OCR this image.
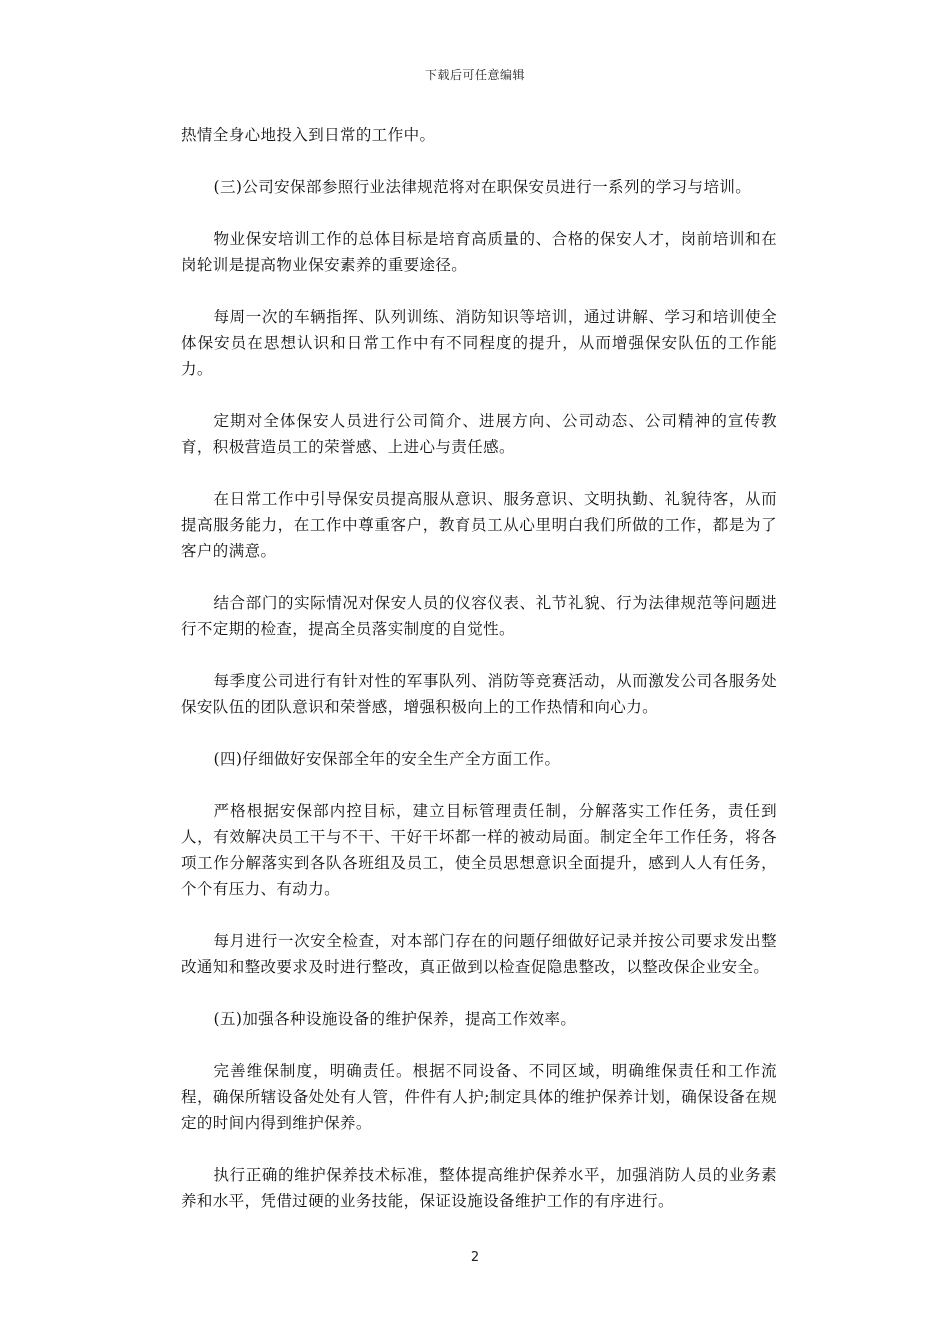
下载后可任意编辑

热情全身心地投入到日常的工作中。

(三)公司安保部参照行业法律规范将对在职保安员进行一系列的学习与培训。

物业保安培训工作的总体目标是培育高质量的、合格的保安人才，岗前培训和在岗轮训是提高物业保安素养的重要途径。

每周一次的车辆指挥、队列训练、消防知识等培训，通过讲解、学习和培训使全体保安员在思想认识和日常工作中有不同程度的提升，从而增强保安队伍的工作能力。

定期对全体保安人员进行公司简介、进展方向、公司动态、公司精神的宣传教育，积极营造员工的荣誉感、上进心与责任感。

在日常工作中引导保安员提高服从意识、服务意识、文明执勤、礼貌待客，从而提高服务能力，在工作中尊重客户，教育员工从心里明白我们所做的工作，都是为了客户的满意。

结合部门的实际情况对保安人员的仪容仪表、礼节礼貌、行为法律规范等问题进行不定期的检查，提高全员落实制度的自觉性。

每季度公司进行有针对性的军事队列、消防等竞赛活动，从而激发公司各服务处保安队伍的团队意识和荣誉感，增强积极向上的工作热情和向心力。

(四)仔细做好安保部全年的安全生产全方面工作。

严格根据安保部内控目标，建立目标管理责任制，分解落实工作任务，责任到人，有效解决员工干与不干、干好干坏都一样的被动局面。制定全年工作任务，将各项工作分解落实到各队各班组及员工，使全员思想意识全面提升，感到人人有任务，个个有压力、有动力。

每月进行一次安全检查，对本部门存在的问题仔细做好记录并按公司要求发出整改通知和整改要求及时进行整改，真正做到以检查促隐患整改，以整改保企业安全。

(五)加强各种设施设备的维护保养，提高工作效率。

完善维保制度，明确责任。根据不同设备、不同区域，明确维保责任和工作流程，确保所辖设备处处有人管，件件有人护;制定具体的维护保养计划，确保设备在规定的时间内得到维护保养。

执行正确的维护保养技术标准，整体提高维护保养水平，加强消防人员的业务素养和水平，凭借过硬的业务技能，保证设施设备维护工作的有序进行。

2
